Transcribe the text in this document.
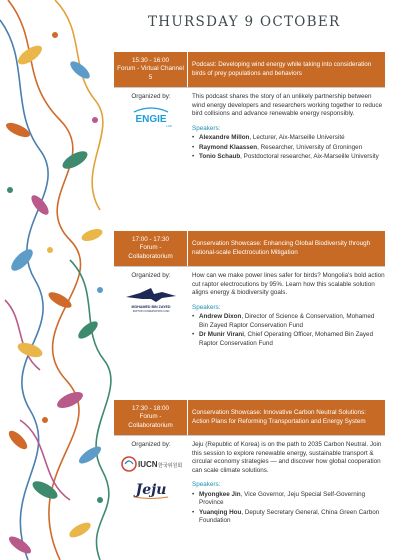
THURSDAY 9 OCTOBER
15:30 - 16:00
Forum - Virtual Channel 5
Podcast: Developing wind energy while taking into consideration birds of prey populations and behaviors
Organized by:
ENGIE
LAB
This podcast shares the story of an unlikely partnership between wind energy developers and researchers working together to reduce bird collisions and advance renewable energy responsibly.
Speakers:
• Alexandre Millon, Lecturer, Aix-Marseille Université
• Raymond Klaassen, Researcher, University of Groningen
• Tonio Schaub, Postdoctoral researcher, Aix-Marseille University
17:00 - 17:30
Forum - Collaboratorium
Conservation Showcase: Enhancing Global Biodiversity through national-scale Electrocution Mitigation
Organized by:
MOHAMED BIN ZAYED
RAPTOR CONSERVATION FUND
How can we make power lines safer for birds? Mongolia's bold action cut raptor electrocutions by 95%. Learn how this scalable solution aligns energy & biodiversity goals.
Speakers:
• Andrew Dixon, Director of Science & Conservation, Mohamed Bin Zayed Raptor Conservation Fund
• Dr Munir Virani, Chief Operating Officer, Mohamed Bin Zayed Raptor Conservation Fund
17:30 - 18:00
Forum - Collaboratorium
Conservation Showcase: Innovative Carbon Neutral Solutions: Action Plans for Reforming Transportation and Energy System
Organized by:
IUCN 한국위원회
Jeju
Jeju (Republic of Korea) is on the path to 2035 Carbon Neutral. Join this session to explore renewable energy, sustainable transport & circular economy strategies — and discover how global cooperation can scale climate solutions.
Speakers:
• Myongkee Jin, Vice Governor, Jeju Special Self-Governing Province
• Yuanqing Hou, Deputy Secretary General, China Green Carbon Foundation
